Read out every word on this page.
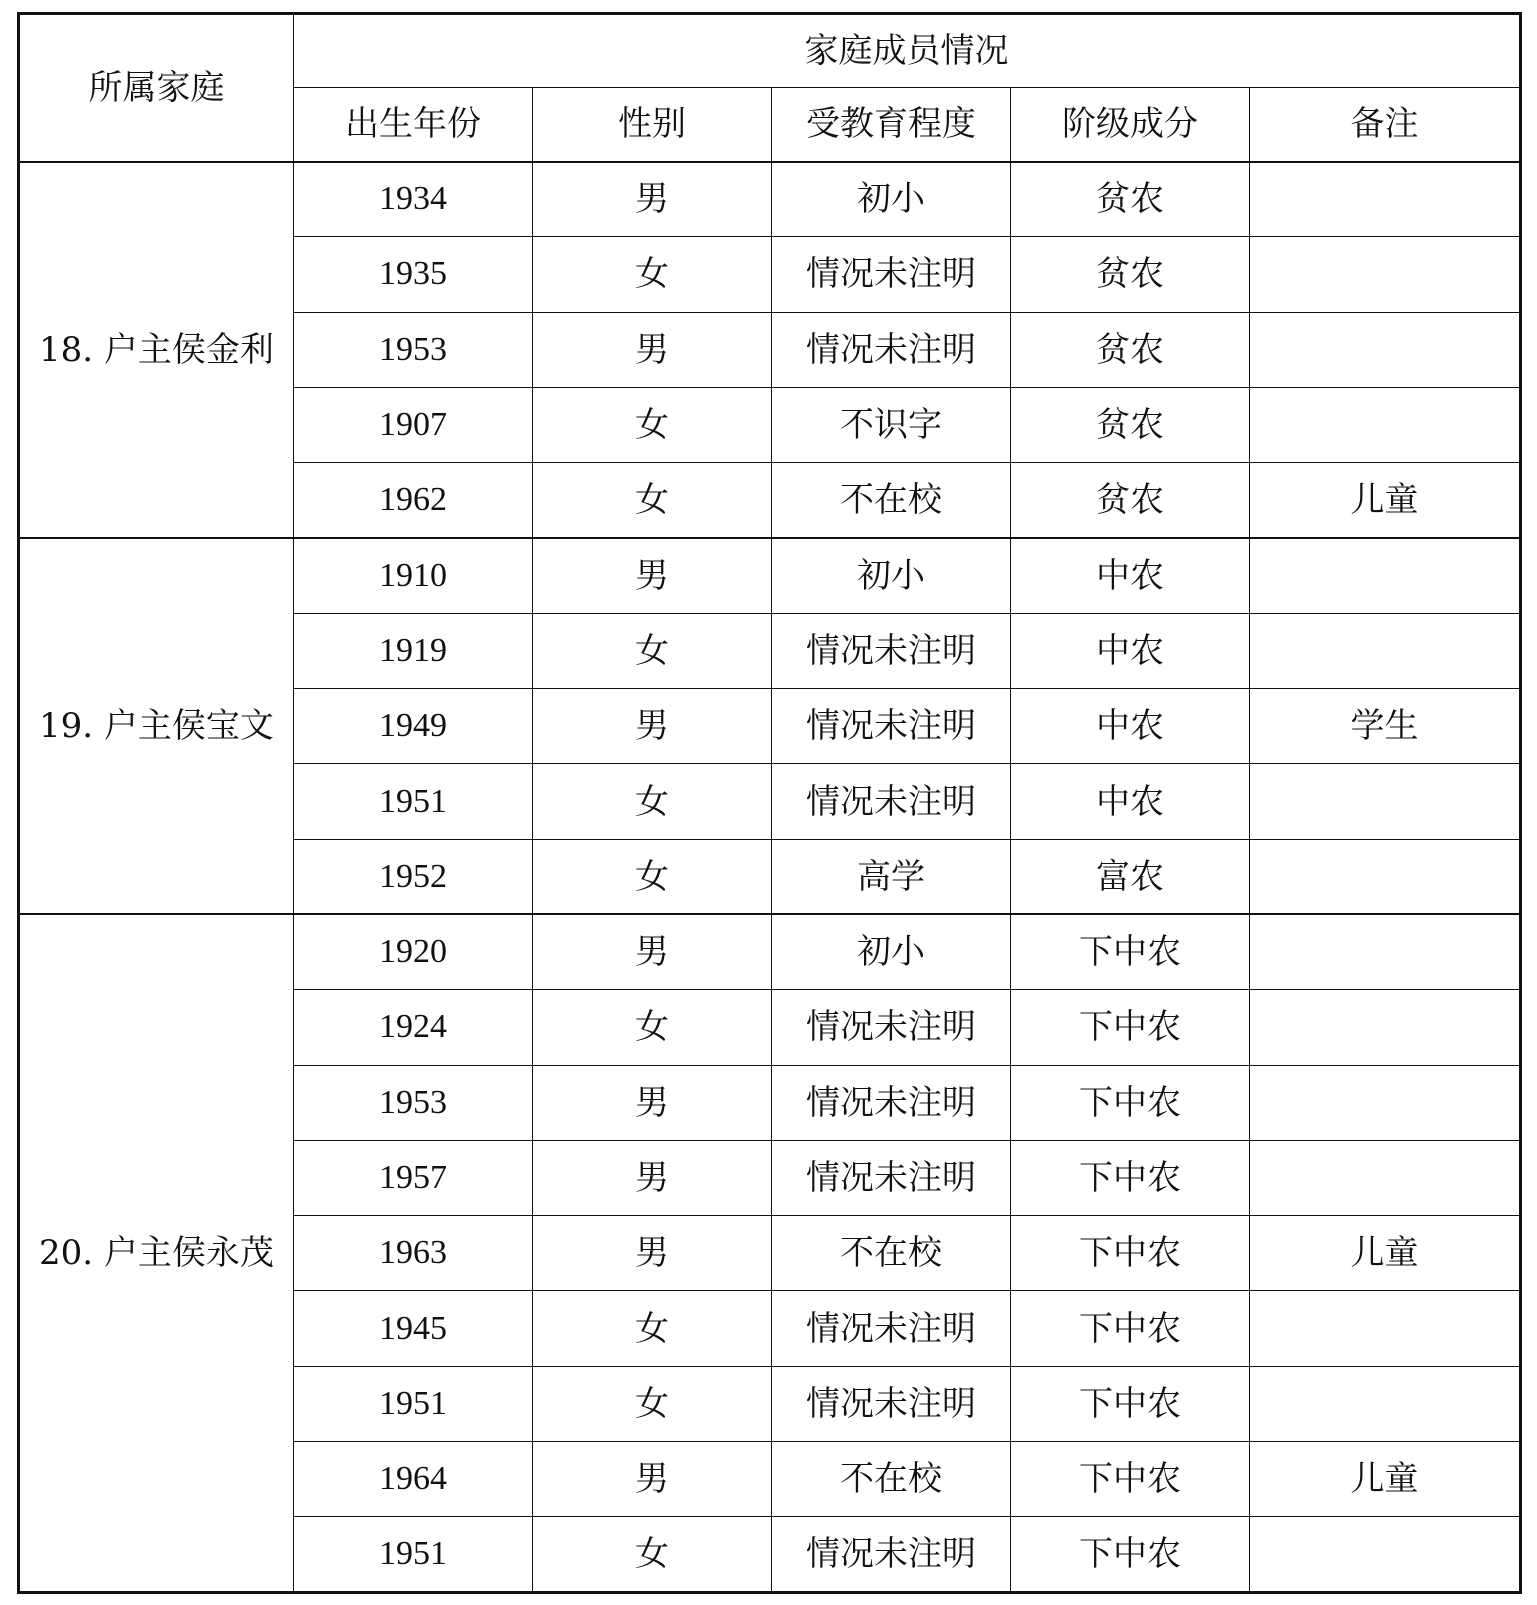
所属家庭	家庭成员情况				
	出生年份	性别	受教育程度	阶级成分	备注
18. 户主侯金利	1934	男	初小	贫农	
	1935	女	情况未注明	贫农	
	1953	男	情况未注明	贫农	
	1907	女	不识字	贫农	
	1962	女	不在校	贫农	儿童
19. 户主侯宝文	1910	男	初小	中农	
	1919	女	情况未注明	中农	
	1949	男	情况未注明	中农	学生
	1951	女	情况未注明	中农	
	1952	女	高学	富农	
20. 户主侯永茂	1920	男	初小	下中农	
	1924	女	情况未注明	下中农	
	1953	男	情况未注明	下中农	
	1957	男	情况未注明	下中农	
	1963	男	不在校	下中农	儿童
	1945	女	情况未注明	下中农	
	1951	女	情况未注明	下中农	
	1964	男	不在校	下中农	儿童
	1951	女	情况未注明	下中农	
